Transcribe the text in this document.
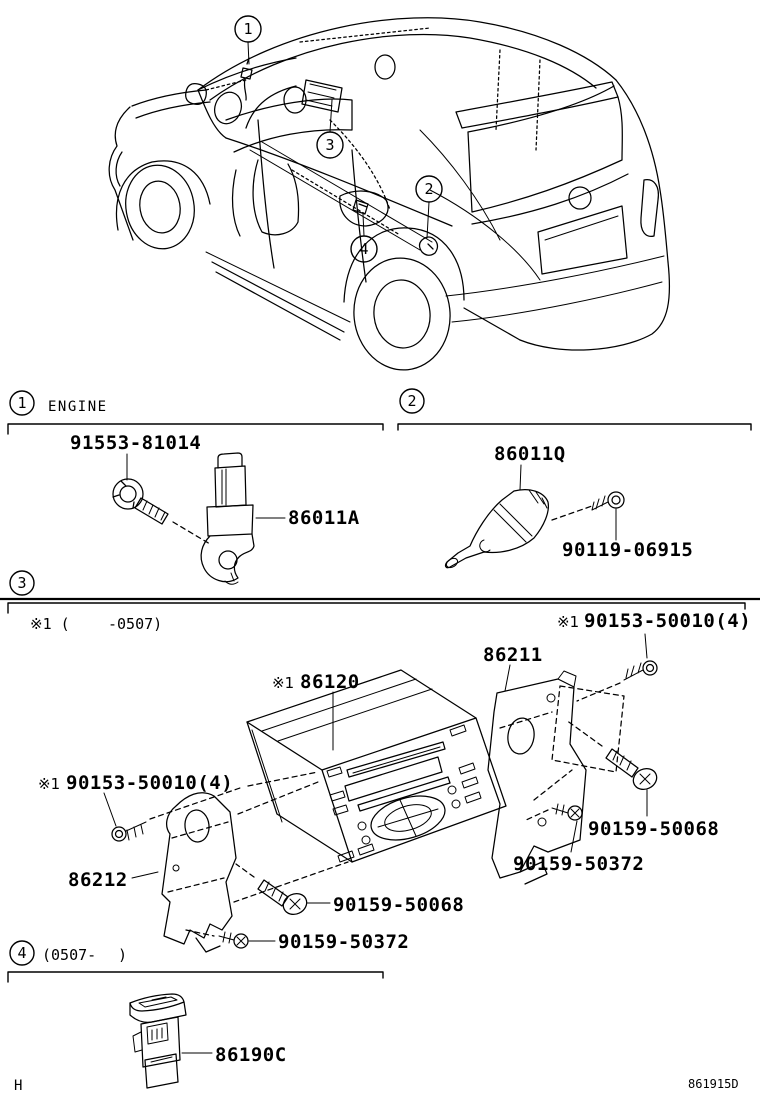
1
3
2
4
1 ENGINE
91553-81014
86011A
2
86011Q
90119-06915
3
※1 (	-0507)	※1 90153-50010(4)
※1 86120
86211
90159-50068
90159-50372
※1 90153-50010(4)
86212
90159-50068
90159-50372
4 (0507- )
86190C
H	861915D
